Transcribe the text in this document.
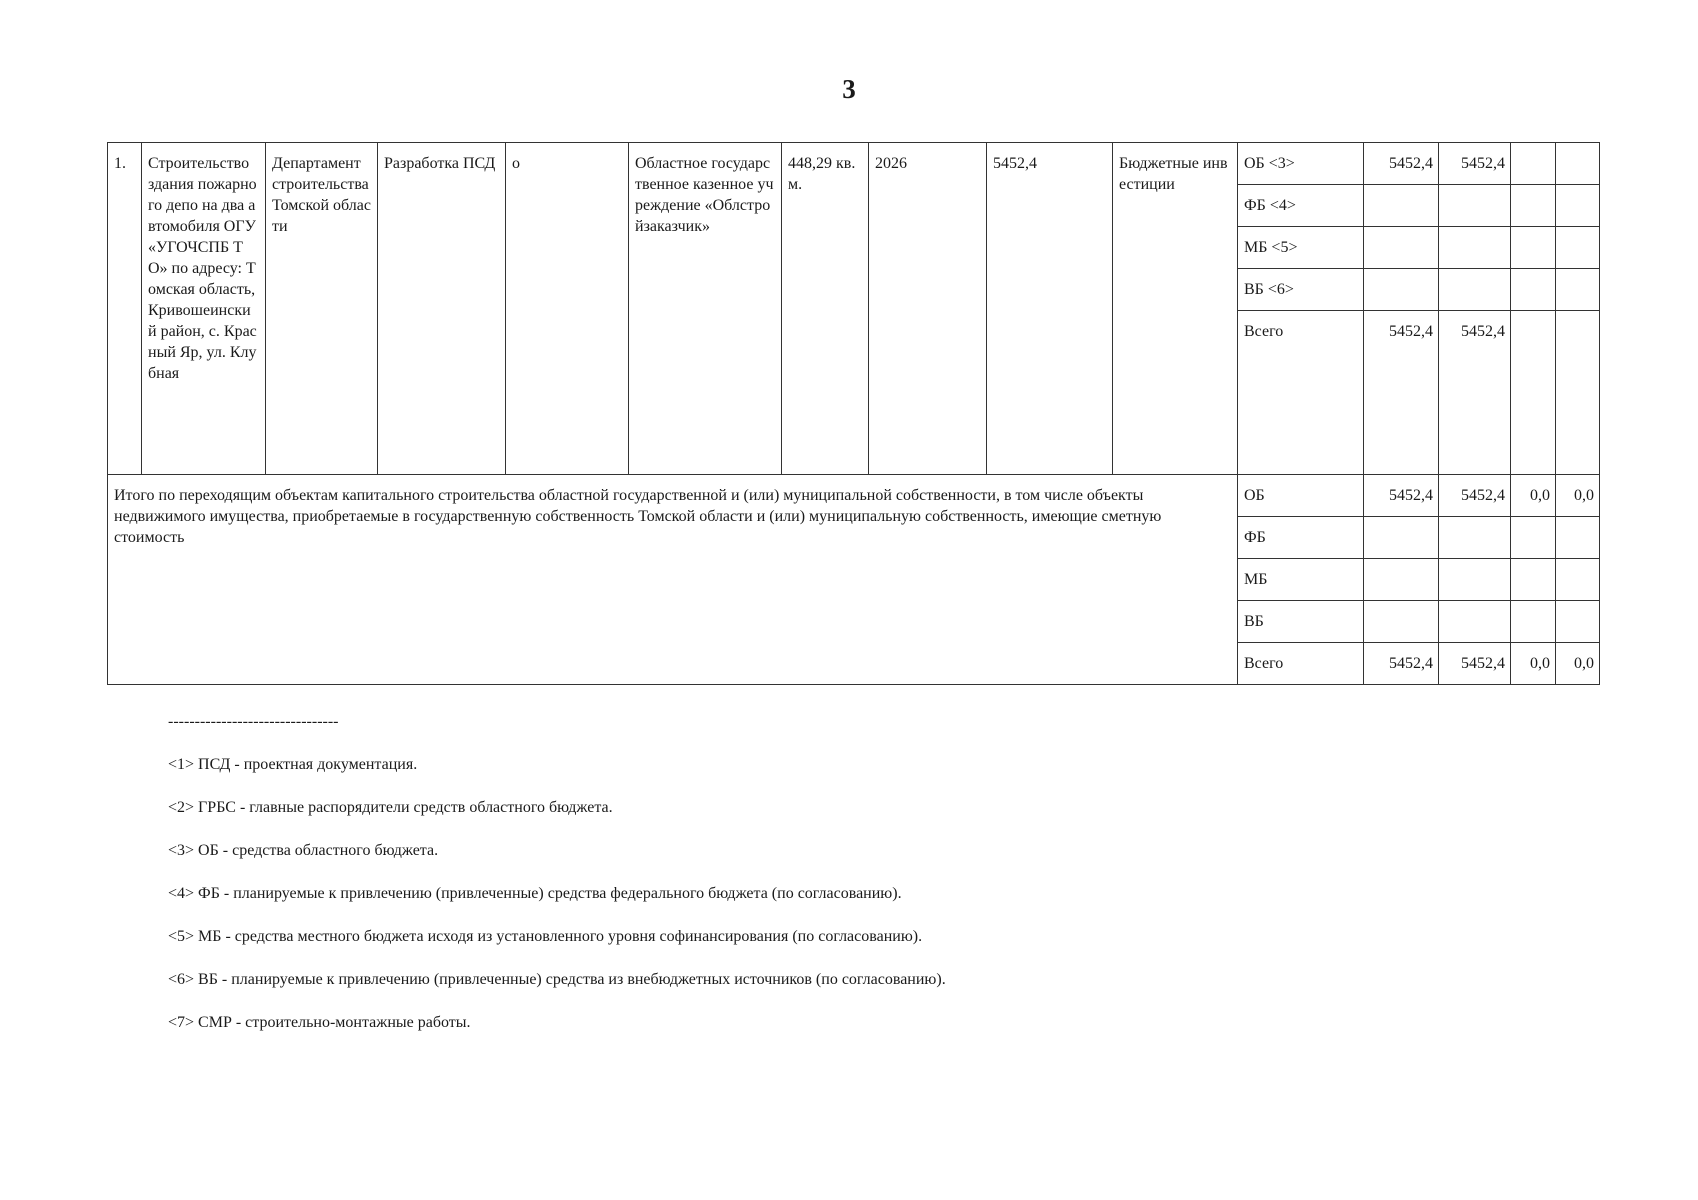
3
1.	Строительство здания пожарного депо на два автомобиля ОГУ «УГОЧСПБ ТО» по адресу: Томская область, Кривошеинский район, с. Красный Яр, ул. Клубная	Департамент строительства Томской области	Разработка ПСД	о	Областное государственное казенное учреждение «Облстройзаказчик»	448,29 кв.м.	2026	5452,4	Бюджетные инвестиции	ОБ <3>	5452,4	5452,4		
										ФБ <4>				
										МБ <5>				
										ВБ <6>				
										Всего	5452,4	5452,4		
Итого по переходящим объектам капитального строительства областной государственной и (или) муниципальной собственности, в том числе объекты недвижимого имущества, приобретаемые в государственную собственность Томской области и (или) муниципальную собственность, имеющие сметную стоимость										ОБ	5452,4	5452,4	0,0	0,0
										ФБ				
										МБ				
										ВБ				
										Всего	5452,4	5452,4	0,0	0,0
--------------------------------
<1> ПСД - проектная документация.
<2> ГРБС - главные распорядители средств областного бюджета.
<3> ОБ - средства областного бюджета.
<4> ФБ - планируемые к привлечению (привлеченные) средства федерального бюджета (по согласованию).
<5> МБ - средства местного бюджета исходя из установленного уровня софинансирования (по согласованию).
<6> ВБ - планируемые к привлечению (привлеченные) средства из внебюджетных источников (по согласованию).
<7> СМР - строительно-монтажные работы.
